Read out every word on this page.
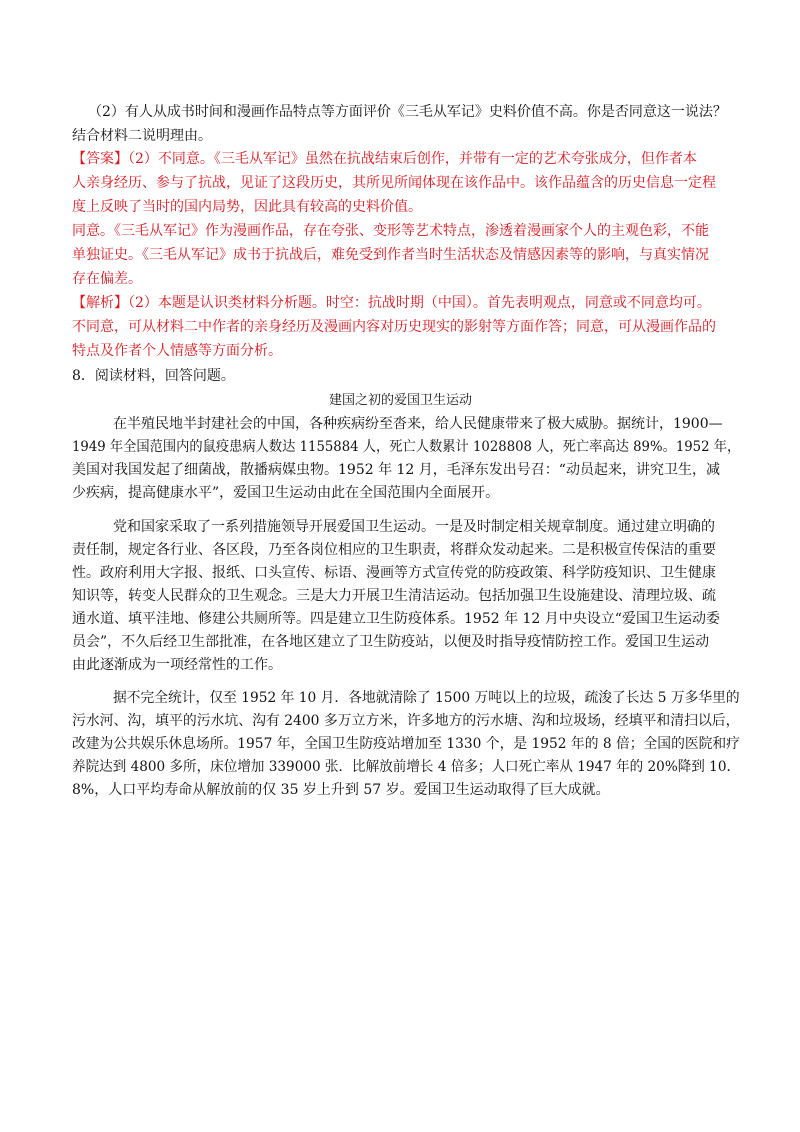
（2）有人从成书时间和漫画作品特点等方面评价《三毛从军记》史料价值不高。你是否同意这一说法？
结合材料二说明理由。
【答案】（2）不同意。《三毛从军记》虽然在抗战结束后创作，并带有一定的艺术夸张成分，但作者本
人亲身经历、参与了抗战，见证了这段历史，其所见所闻体现在该作品中。该作品蕴含的历史信息一定程
度上反映了当时的国内局势，因此具有较高的史料价值。
同意。《三毛从军记》作为漫画作品，存在夸张、变形等艺术特点，渗透着漫画家个人的主观色彩，不能
单独证史。《三毛从军记》成书于抗战后，难免受到作者当时生活状态及情感因素等的影响，与真实情况
存在偏差。
【解析】（2）本题是认识类材料分析题。时空：抗战时期（中国）。首先表明观点，同意或不同意均可。
不同意，可从材料二中作者的亲身经历及漫画内容对历史现实的影射等方面作答；同意，可从漫画作品的
特点及作者个人情感等方面分析。
8．阅读材料，回答问题。
建国之初的爱国卫生运动
在半殖民地半封建社会的中国，各种疾病纷至沓来，给人民健康带来了极大威胁。据统计，1900—
1949 年全国范围内的鼠疫患病人数达 1155884 人，死亡人数累计 1028808 人，死亡率高达 89%。1952 年，
美国对我国发起了细菌战，散播病媒虫物。1952 年 12 月，毛泽东发出号召：“动员起来，讲究卫生，减
少疾病，提高健康水平”，爱国卫生运动由此在全国范围内全面展开。
党和国家采取了一系列措施领导开展爱国卫生运动。一是及时制定相关规章制度。通过建立明确的
责任制，规定各行业、各区段，乃至各岗位相应的卫生职责，将群众发动起来。二是积极宣传保洁的重要
性。政府利用大字报、报纸、口头宣传、标语、漫画等方式宣传党的防疫政策、科学防疫知识、卫生健康
知识等，转变人民群众的卫生观念。三是大力开展卫生清洁运动。包括加强卫生设施建设、清理垃圾、疏
通水道、填平洼地、修建公共厕所等。四是建立卫生防疫体系。1952 年 12 月中央设立“爱国卫生运动委
员会”，不久后经卫生部批准，在各地区建立了卫生防疫站，以便及时指导疫情防控工作。爱国卫生运动
由此逐渐成为一项经常性的工作。
据不完全统计，仅至 1952 年 10 月．各地就清除了 1500 万吨以上的垃圾，疏浚了长达 5 万多华里的
污水河、沟，填平的污水坑、沟有 2400 多万立方米，许多地方的污水塘、沟和垃圾场，经填平和清扫以后，
改建为公共娱乐休息场所。1957 年，全国卫生防疫站增加至 1330 个，是 1952 年的 8 倍；全国的医院和疗
养院达到 4800 多所，床位增加 339000 张．比解放前增长 4 倍多；人口死亡率从 1947 年的 20%降到 10．
8%，人口平均寿命从解放前的仅 35 岁上升到 57 岁。爱国卫生运动取得了巨大成就。
